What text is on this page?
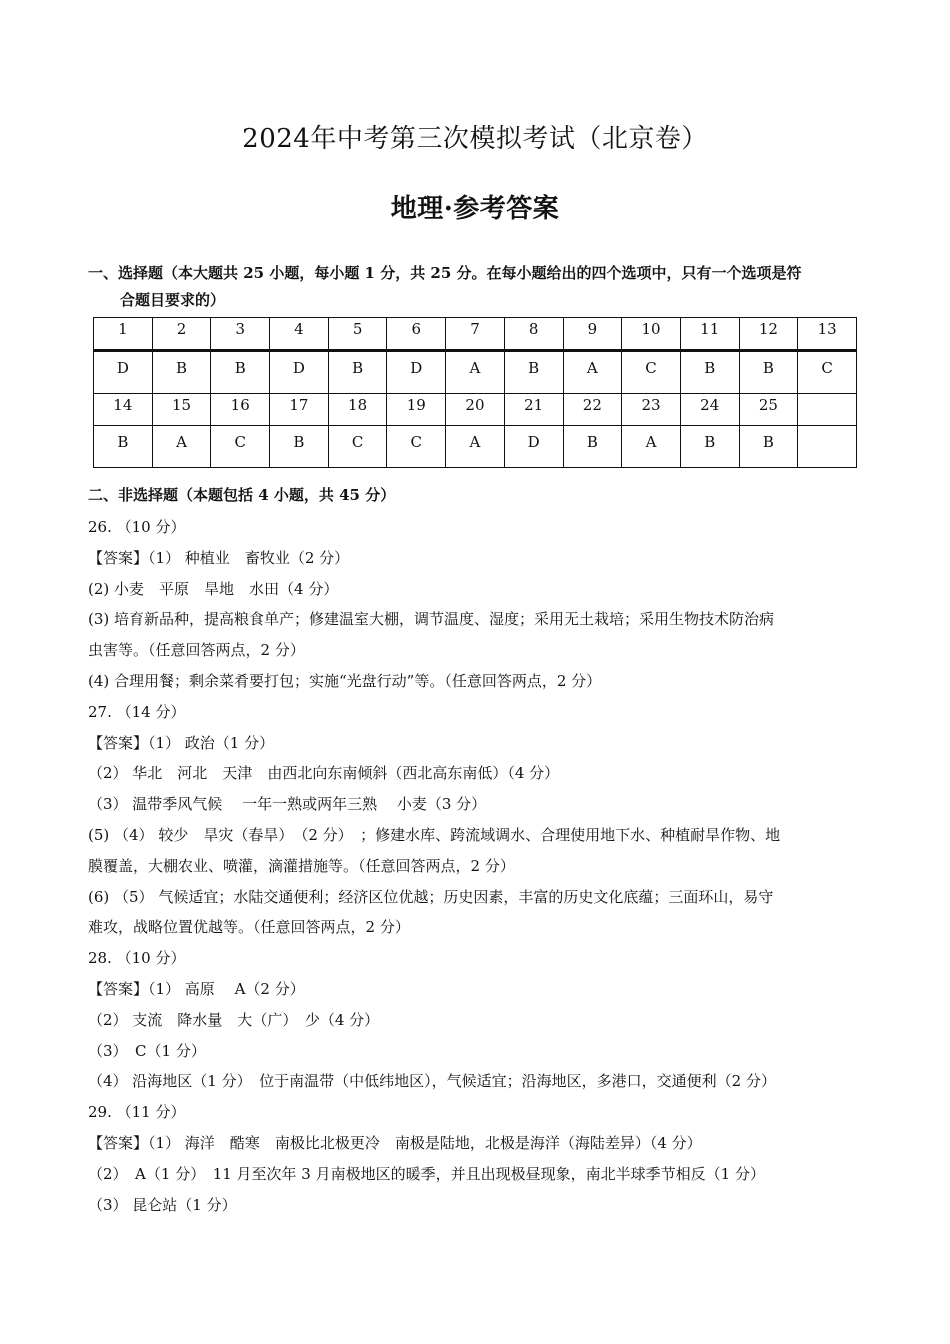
2024年中考第三次模拟考试（北京卷）
地理·参考答案
一、选择题（本大题共 25 小题，每小题 1 分，共 25 分。在每小题给出的四个选项中，只有一个选项是符
合题目要求的）
1	2	3	4	5	6	7	8	9	10	11	12	13
D	B	B	D	B	D	A	B	A	C	B	B	C
14	15	16	17	18	19	20	21	22	23	24	25	
B	A	C	B	C	C	A	D	B	A	B	B	
二、非选择题（本题包括 4 小题，共 45 分）
26. （10 分）
【答案】（1） 种植业　畜牧业（2 分）
(2) 小麦　平原　旱地　水田（4 分）
(3) 培育新品种，提高粮食单产；修建温室大棚，调节温度、湿度；采用无土栽培；采用生物技术防治病
虫害等。（任意回答两点，2 分）
(4) 合理用餐；剩余菜肴要打包；实施“光盘行动”等。（任意回答两点，2 分）
27. （14 分）
【答案】（1） 政治（1 分）
（2） 华北　河北　天津　由西北向东南倾斜（西北高东南低）（4 分）
（3） 温带季风气候　 一年一熟或两年三熟　 小麦（3 分）
(5) （4） 较少　旱灾（春旱）　（2 分）　；修建水库、跨流域调水、合理使用地下水、种植耐旱作物、地
膜覆盖，大棚农业、喷灌，滴灌措施等。（任意回答两点，2 分）
(6) （5） 气候适宜；水陆交通便利；经济区位优越；历史因素，丰富的历史文化底蕴；三面环山，易守
难攻，战略位置优越等。（任意回答两点，2 分）
28. （10 分）
【答案】（1） 高原　 A（2 分）
（2） 支流　降水量　大（广）　少（4 分）
（3）　C（1 分）
（4） 沿海地区（1 分）　位于南温带（中低纬地区），气候适宜；沿海地区，多港口，交通便利（2 分）
29. （11 分）
【答案】（1） 海洋　酷寒　南极比北极更冷　南极是陆地，北极是海洋（海陆差异）（4 分）
（2）　A（1 分）　11 月至次年 3 月南极地区的暖季，并且出现极昼现象，南北半球季节相反（1 分）
（3） 昆仑站（1 分）
